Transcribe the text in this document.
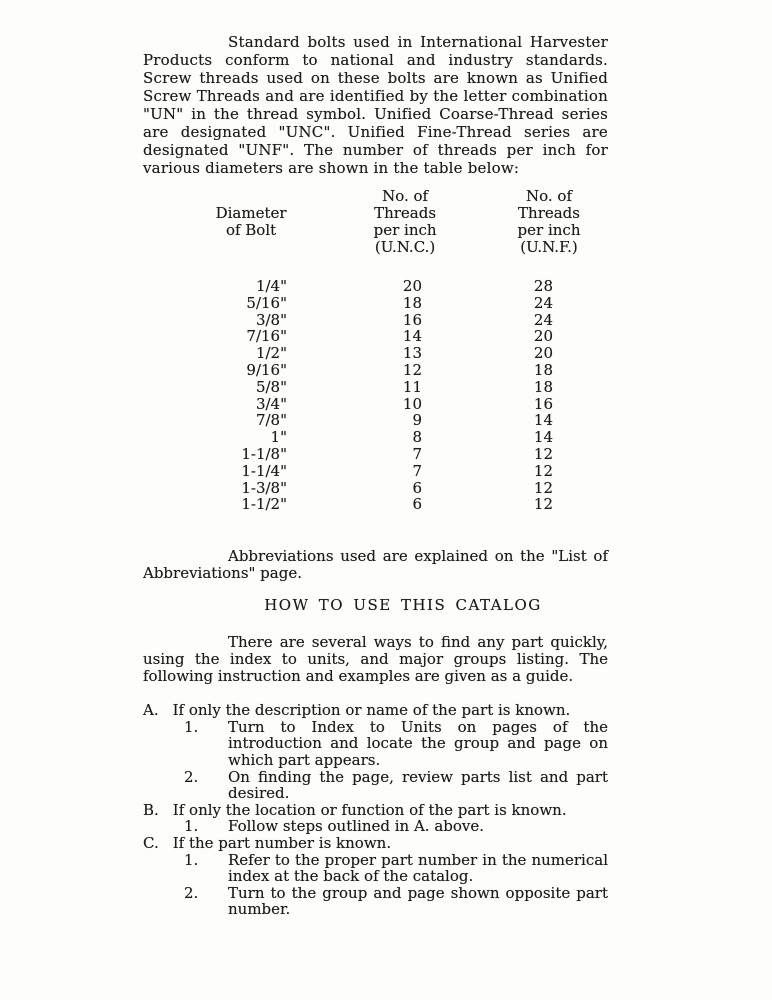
Standard bolts used in International Harvester Products conform to national and industry standards. Screw threads used on these bolts are known as Unified Screw Threads and are identified by the letter combination "UN" in the thread symbol. Unified Coarse-Thread series are designated "UNC". Unified Fine-Thread series are designated "UNF". The number of threads per inch for various diameters are shown in the table below:

Diameter
of Bolt
No. of
Threads
per inch
(U.N.C.)
No. of
Threads
per inch
(U.N.F.)
1/4"	20	28
5/16"	18	24
3/8"	16	24
7/16"	14	20
1/2"	13	20
9/16"	12	18
5/8"	11	18
3/4"	10	16
7/8"	9	14
1"	8	14
1-1/8"	7	12
1-1/4"	7	12
1-3/8"	6	12
1-1/2"	6	12

Abbreviations used are explained on the "List of Abbreviations" page.

HOW TO USE THIS CATALOG

There are several ways to find any part quickly, using the index to units, and major groups listing. The following instruction and examples are given as a guide.

A. If only the description or name of the part is known.

1. Turn to Index to Units on pages of the introduction and locate the group and page on which part appears.

2. On finding the page, review parts list and part desired.

B. If only the location or function of the part is known.

1. Follow steps outlined in A. above.

C. If the part number is known.

1. Refer to the proper part number in the numerical index at the back of the catalog.

2. Turn to the group and page shown opposite part number.
